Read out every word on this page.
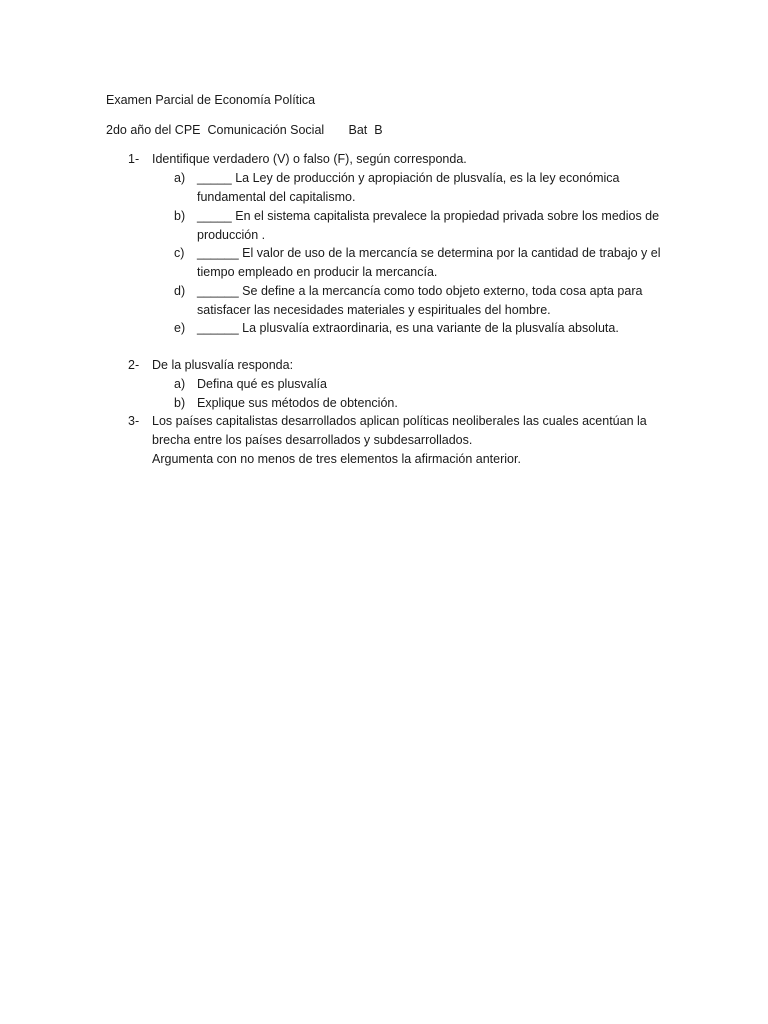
Examen Parcial de Economía Política
2do año del CPE  Comunicación Social       Bat  B
1- Identifique verdadero (V) o falso (F), según corresponda.
a) _____ La Ley de producción y apropiación de plusvalía, es la ley económica fundamental del capitalismo.
b) _____ En el sistema capitalista prevalece la propiedad privada sobre los medios de producción .
c) ______ El valor de uso de la mercancía se determina por la cantidad de trabajo y el tiempo empleado en producir la mercancía.
d) ______ Se define a la mercancía como todo objeto externo, toda cosa apta para satisfacer las necesidades materiales y espirituales del hombre.
e) ______ La plusvalía extraordinaria, es una variante de la plusvalía absoluta.
2- De la plusvalía responda:
a) Defina qué es plusvalía
b) Explique sus métodos de obtención.
3- Los países capitalistas desarrollados aplican políticas neoliberales las cuales acentúan la brecha entre los países desarrollados y subdesarrollados.
Argumenta con no menos de tres elementos la afirmación anterior.
